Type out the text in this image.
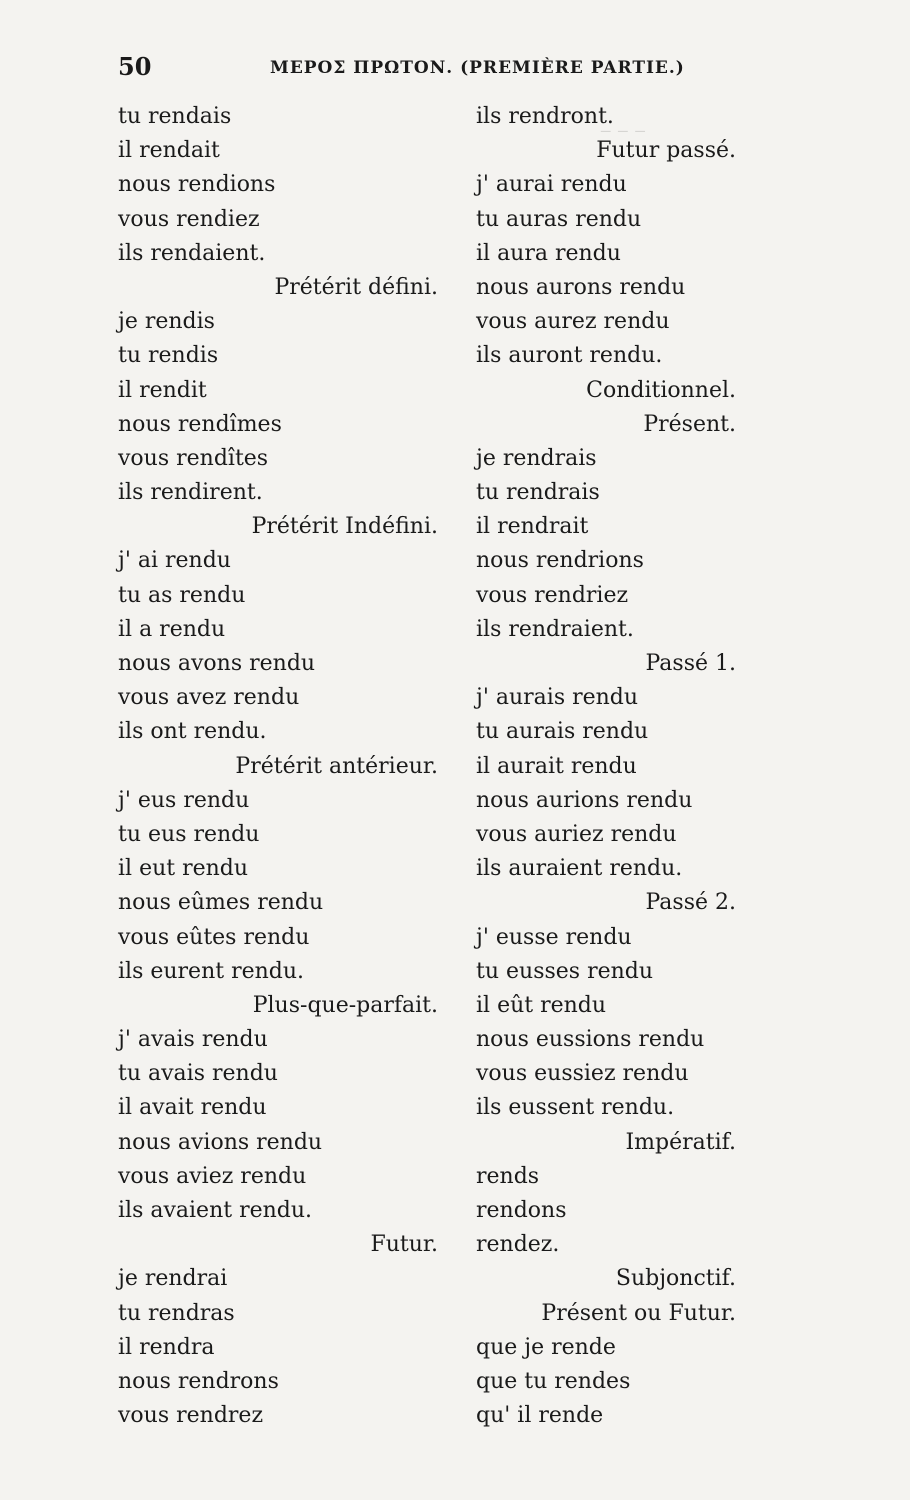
50	ΜΕΡΟΣ ΠΡΩΤΟΝ. (PREMIÈRE PARTIE.)
‒ ‒ ‒
tu rendais
il rendait
nous rendions
vous rendiez
ils rendaient.
Prétérit défini.
je rendis
tu rendis
il rendit
nous rendîmes
vous rendîtes
ils rendirent.
Prétérit Indéfini.
j' ai rendu
tu as rendu
il a rendu
nous avons rendu
vous avez rendu
ils ont rendu.
Prétérit antérieur.
j' eus rendu
tu eus rendu
il eut rendu
nous eûmes rendu
vous eûtes rendu
ils eurent rendu.
Plus-que-parfait.
j' avais rendu
tu avais rendu
il avait rendu
nous avions rendu
vous aviez rendu
ils avaient rendu.
Futur.
je rendrai
tu rendras
il rendra
nous rendrons
vous rendrez
ils rendront.
Futur passé.
j' aurai rendu
tu auras rendu
il aura rendu
nous aurons rendu
vous aurez rendu
ils auront rendu.
Conditionnel.
Présent.
je rendrais
tu rendrais
il rendrait
nous rendrions
vous rendriez
ils rendraient.
Passé 1.
j' aurais rendu
tu aurais rendu
il aurait rendu
nous aurions rendu
vous auriez rendu
ils auraient rendu.
Passé 2.
j' eusse rendu
tu eusses rendu
il eût rendu
nous eussions rendu
vous eussiez rendu
ils eussent rendu.
Impératif.
rends
rendons
rendez.
Subjonctif.
Présent ou Futur.
que je rende
que tu rendes
qu' il rende
